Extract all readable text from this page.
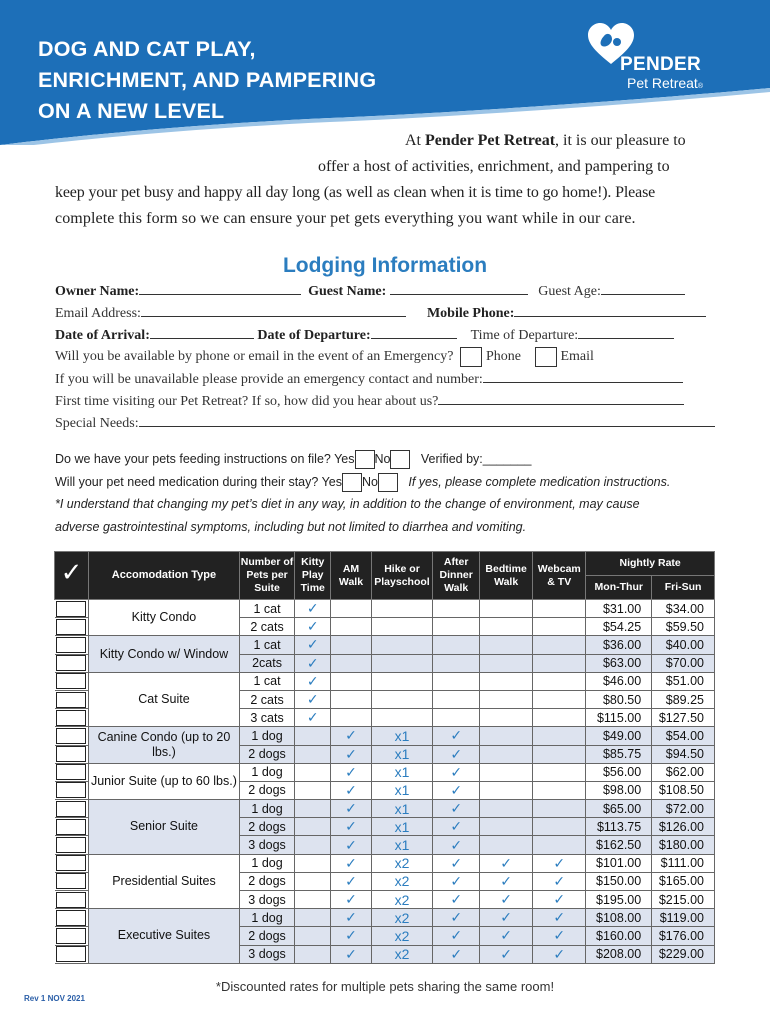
DOG AND CAT PLAY,
ENRICHMENT, AND PAMPERING
ON A NEW LEVEL
PENDER
Pet Retreat®
At Pender Pet Retreat, it is our pleasure to
offer a host of activities, enrichment, and pampering to
keep your pet busy and happy all day long (as well as clean when it is time to go home!). Please
complete this form so we can ensure your pet gets everything you want while in our care.
Lodging Information
Owner Name:	Guest Name:	Guest Age:
Email Address:	Mobile Phone:
Date of Arrival:	Date of Departure:	Time of Departure:
Will you be available by phone or email in the event of an Emergency? Phone	Email
If you will be unavailable please provide an emergency contact and number:
First time visiting our Pet Retreat? If so, how did you hear about us?
Special Needs:
Do we have your pets feeding instructions on file? Yes No Verified by:_______
Will your pet need medication during their stay? Yes No If yes, please complete medication instructions.
*I understand that changing my pet’s diet in any way, in addition to the change of environment, may cause
adverse gastrointestinal symptoms, including but not limited to diarrhea and vomiting.
✓	Accomodation Type	Number of Pets per Suite	Kitty Play Time	AM Walk	Hike or Playschool	After Dinner Walk	Bedtime Walk	Webcam & TV	Nightly Rate	
									Mon-Thur	Fri-Sun
	Kitty Condo	1 cat	✓						$31.00	$34.00
		2 cats	✓						$54.25	$59.50
	Kitty Condo w/ Window	1 cat	✓						$36.00	$40.00
		2cats	✓						$63.00	$70.00
	Cat Suite	1 cat	✓						$46.00	$51.00
		2 cats	✓						$80.50	$89.25
		3 cats	✓						$115.00	$127.50
	Canine Condo (up to 20 lbs.)	1 dog		✓	x1	✓			$49.00	$54.00
		2 dogs		✓	x1	✓			$85.75	$94.50
	Junior Suite (up to 60 lbs.)	1 dog		✓	x1	✓			$56.00	$62.00
		2 dogs		✓	x1	✓			$98.00	$108.50
	Senior Suite	1 dog		✓	x1	✓			$65.00	$72.00
		2 dogs		✓	x1	✓			$113.75	$126.00
		3 dogs		✓	x1	✓			$162.50	$180.00
	Presidential Suites	1 dog		✓	x2	✓	✓	✓	$101.00	$111.00
		2 dogs		✓	x2	✓	✓	✓	$150.00	$165.00
		3 dogs		✓	x2	✓	✓	✓	$195.00	$215.00
	Executive Suites	1 dog		✓	x2	✓	✓	✓	$108.00	$119.00
		2 dogs		✓	x2	✓	✓	✓	$160.00	$176.00
		3 dogs		✓	x2	✓	✓	✓	$208.00	$229.00
*Discounted rates for multiple pets sharing the same room!
Rev 1 NOV 2021
